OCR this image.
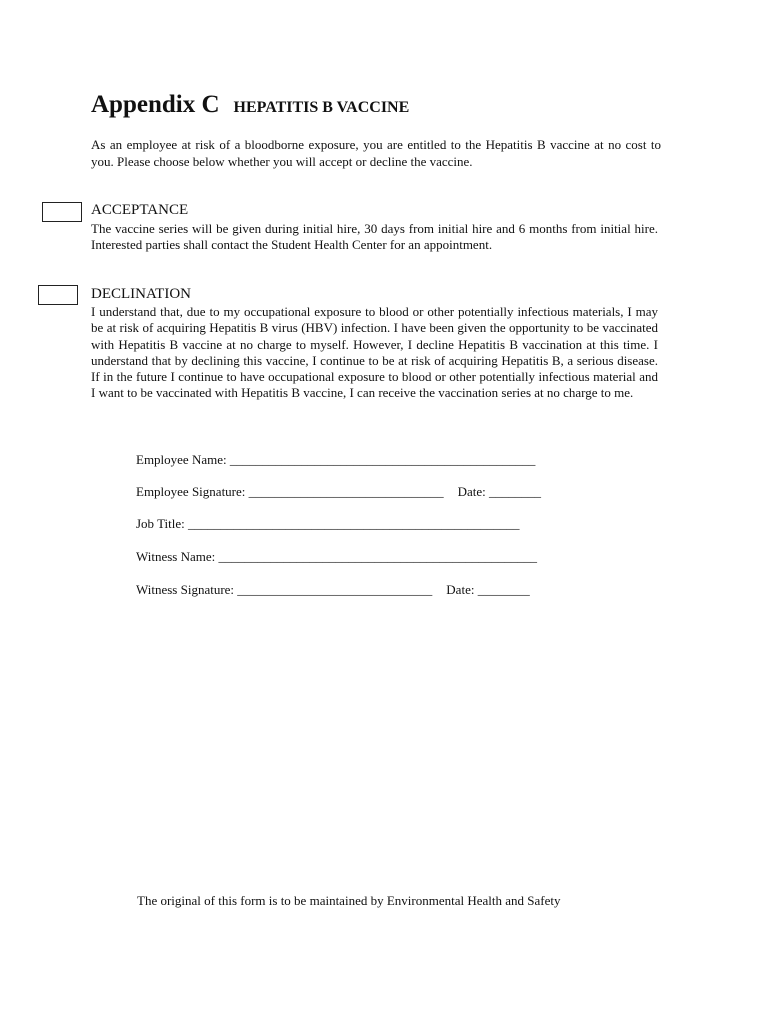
Appendix C HEPATITIS B VACCINE
As an employee at risk of a bloodborne exposure, you are entitled to the Hepatitis B vaccine at no cost to you. Please choose below whether you will accept or decline the vaccine.
ACCEPTANCE
The vaccine series will be given during initial hire, 30 days from initial hire and 6 months from initial hire. Interested parties shall contact the Student Health Center for an appointment.
DECLINATION
I understand that, due to my occupational exposure to blood or other potentially infectious materials, I may be at risk of acquiring Hepatitis B virus (HBV) infection. I have been given the opportunity to be vaccinated with Hepatitis B vaccine at no charge to myself. However, I decline Hepatitis B vaccination at this time. I understand that by declining this vaccine, I continue to be at risk of acquiring Hepatitis B, a serious disease. If in the future I continue to have occupational exposure to blood or other potentially infectious material and I want to be vaccinated with Hepatitis B vaccine, I can receive the vaccination series at no charge to me.
Employee Name: _______________________________________________
Employee Signature: ______________________________ Date: ________
Job Title: ___________________________________________________
Witness Name: _________________________________________________
Witness Signature: ______________________________ Date: ________
The original of this form is to be maintained by Environmental Health and Safety
